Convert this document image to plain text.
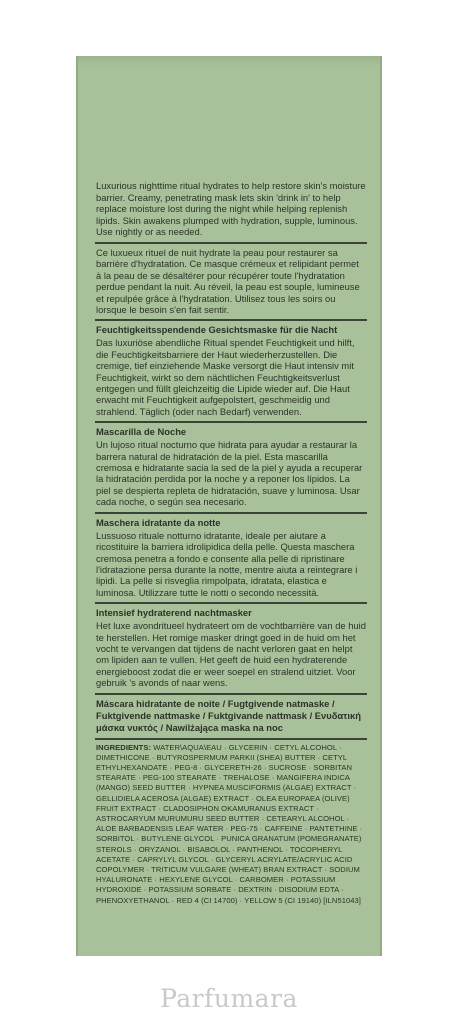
Luxurious nighttime ritual hydrates to help restore skin's moisture barrier. Creamy, penetrating mask lets skin 'drink in' to help replace moisture lost during the night while helping replenish lipids. Skin awakens plumped with hydration, supple, luminous. Use nightly or as needed.
Ce luxueux rituel de nuit hydrate la peau pour restaurer sa barrière d'hydratation. Ce masque crémeux et relipidant permet à la peau de se désaltérer pour récupérer toute l'hydratation perdue pendant la nuit. Au réveil, la peau est souple, lumineuse et repulpée grâce à l'hydratation. Utilisez tous les soirs ou lorsque le besoin s'en fait sentir.
Feuchtigkeitsspendende Gesichtsmaske für die Nacht
Das luxuriöse abendliche Ritual spendet Feuchtigkeit und hilft, die Feuchtigkeitsbarriere der Haut wiederherzustellen. Die cremige, tief einziehende Maske versorgt die Haut intensiv mit Feuchtigkeit, wirkt so dem nächtlichen Feuchtigkeitsverlust entgegen und füllt gleichzeitig die Lipide wieder auf. Die Haut erwacht mit Feuchtigkeit aufgepolstert, geschmeidig und strahlend. Täglich (oder nach Bedarf) verwenden.
Mascarilla de Noche
Un lujoso ritual nocturno que hidrata para ayudar a restaurar la barrera natural de hidratación de la piel. Esta mascarilla cremosa e hidratante sacia la sed de la piel y ayuda a recuperar la hidratación perdida por la noche y a reponer los lípidos. La piel se despierta repleta de hidratación, suave y luminosa. Usar cada noche, o según sea necesario.
Maschera idratante da notte
Lussuoso rituale notturno idratante, ideale per aiutare a ricostituire la barriera idrolipidica della pelle. Questa maschera cremosa penetra a fondo e consente alla pelle di ripristinare l'idratazione persa durante la notte, mentre aiuta a reintegrare i lipidi. La pelle si risveglia rimpolpata, idratata, elastica e luminosa. Utilizzare tutte le notti o secondo necessità.
Intensief hydraterend nachtmasker
Het luxe avondritueel hydrateert om de vochtbarrière van de huid te herstellen. Het romige masker dringt goed in de huid om het vocht te vervangen dat tijdens de nacht verloren gaat en helpt om lipiden aan te vullen. Het geeft de huid een hydraterende energieboost zodat die er weer soepel en stralend uitziet. Voor gebruik 's avonds of naar wens.
Máscara hidratante de noite / Fugtgivende natmaske / Fuktgivende nattmaske / Fuktgivande nattmask / Ενυδατική μάσκα νυκτός / Nawilżająca maska na noc
INGREDIENTS: WATER\AQUA\EAU · GLYCERIN · CETYL ALCOHOL · DIMETHICONE · BUTYROSPERMUM PARKII (SHEA) BUTTER · CETYL ETHYLHEXANOATE · PEG-8 · GLYCERETH-26 · SUCROSE · SORBITAN STEARATE · PEG-100 STEARATE · TREHALOSE · MANGIFERA INDICA (MANGO) SEED BUTTER · HYPNEA MUSCIFORMIS (ALGAE) EXTRACT · GELLIDIELA ACEROSA (ALGAE) EXTRACT · OLEA EUROPAEA (OLIVE) FRUIT EXTRACT · CLADOSIPHON OKAMURANUS EXTRACT · ASTROCARYUM MURUMURU SEED BUTTER · CETEARYL ALCOHOL · ALOE BARBADENSIS LEAF WATER · PEG-75 · CAFFEINE · PANTETHINE · SORBITOL · BUTYLENE GLYCOL · PUNICA GRANATUM (POMEGRANATE) STEROLS · ORYZANOL · BISABOLOL · PANTHENOL · TOCOPHERYL ACETATE · CAPRYLYL GLYCOL · GLYCERYL ACRYLATE/ACRYLIC ACID COPOLYMER · TRITICUM VULGARE (WHEAT) BRAN EXTRACT · SODIUM HYALURONATE · HEXYLENE GLYCOL · CARBOMER · POTASSIUM HYDROXIDE · POTASSIUM SORBATE · DEXTRIN · DISODIUM EDTA · PHENOXYETHANOL · RED 4 (CI 14700) · YELLOW 5 (CI 19140) [ILN51043]
Parfumara
